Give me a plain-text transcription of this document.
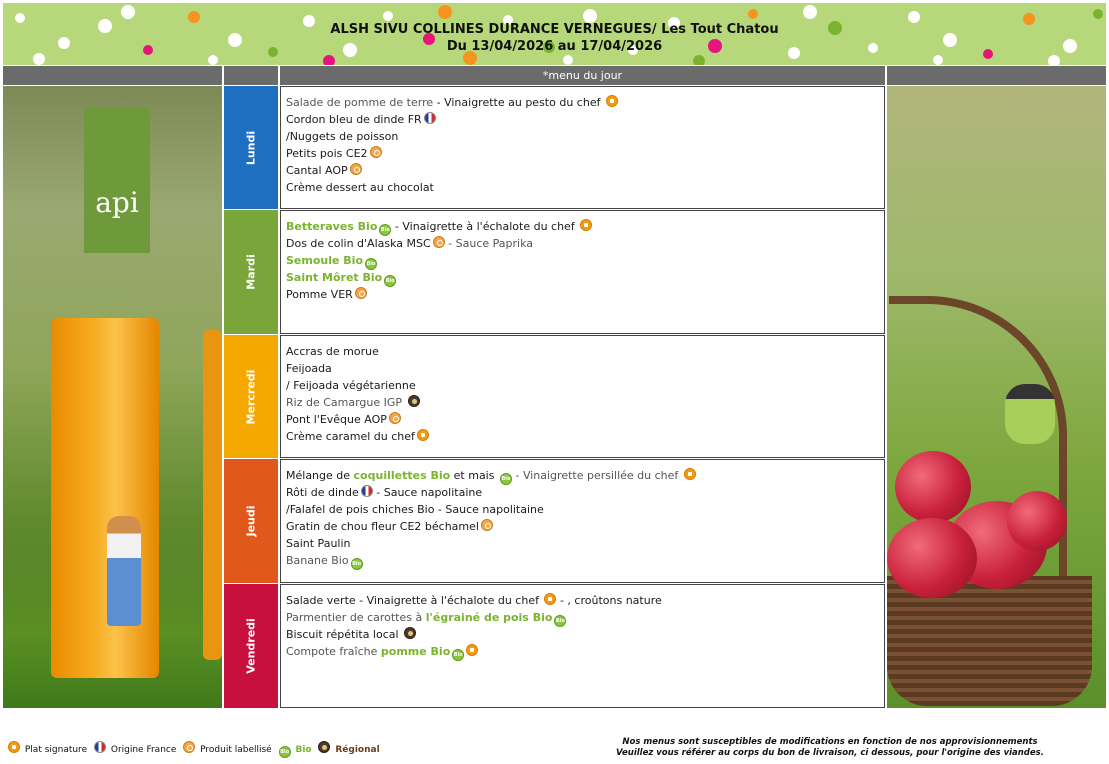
ALSH SIVU COLLINES DURANCE VERNEGUES/ Les Tout Chatou
Du 13/04/2026 au 17/04/2026
*menu du jour
api
Lundi
Salade de pomme de terre - Vinaigrette au pesto du chef
Cordon bleu de dinde FR
/Nuggets de poisson
Petits pois CE2
Cantal AOP
Crème dessert au chocolat
Mardi
Betteraves Bio Bio - Vinaigrette à l'échalote du chef
Dos de colin d'Alaska MSC - Sauce Paprika
Semoule Bio Bio
Saint Môret Bio Bio
Pomme VER
Mercredi
Accras de morue
Feijoada
/ Feijoada végétarienne
Riz de Camargue IGP
Pont l'Evêque AOP
Crème caramel du chef
Jeudi
Mélange de coquillettes Bio et mais Bio - Vinaigrette persillée du chef
Rôti de dinde - Sauce napolitaine
/Falafel de pois chiches Bio - Sauce napolitaine
Gratin de chou fleur CE2 béchamel
Saint Paulin
Banane Bio Bio
Vendredi
Salade verte - Vinaigrette à l'échalote du chef  - , croûtons nature
Parmentier de carottes à l'égrainé de pois Bio Bio
Biscuit répétita local
Compote fraîche pomme Bio Bio
Plat signature	Origine France	Produit labellisé Bio Bio	Régional
Nos menus sont susceptibles de modifications en fonction de nos approvisionnements
Veuillez vous référer au corps du bon de livraison, ci dessous, pour l'origine des viandes.
